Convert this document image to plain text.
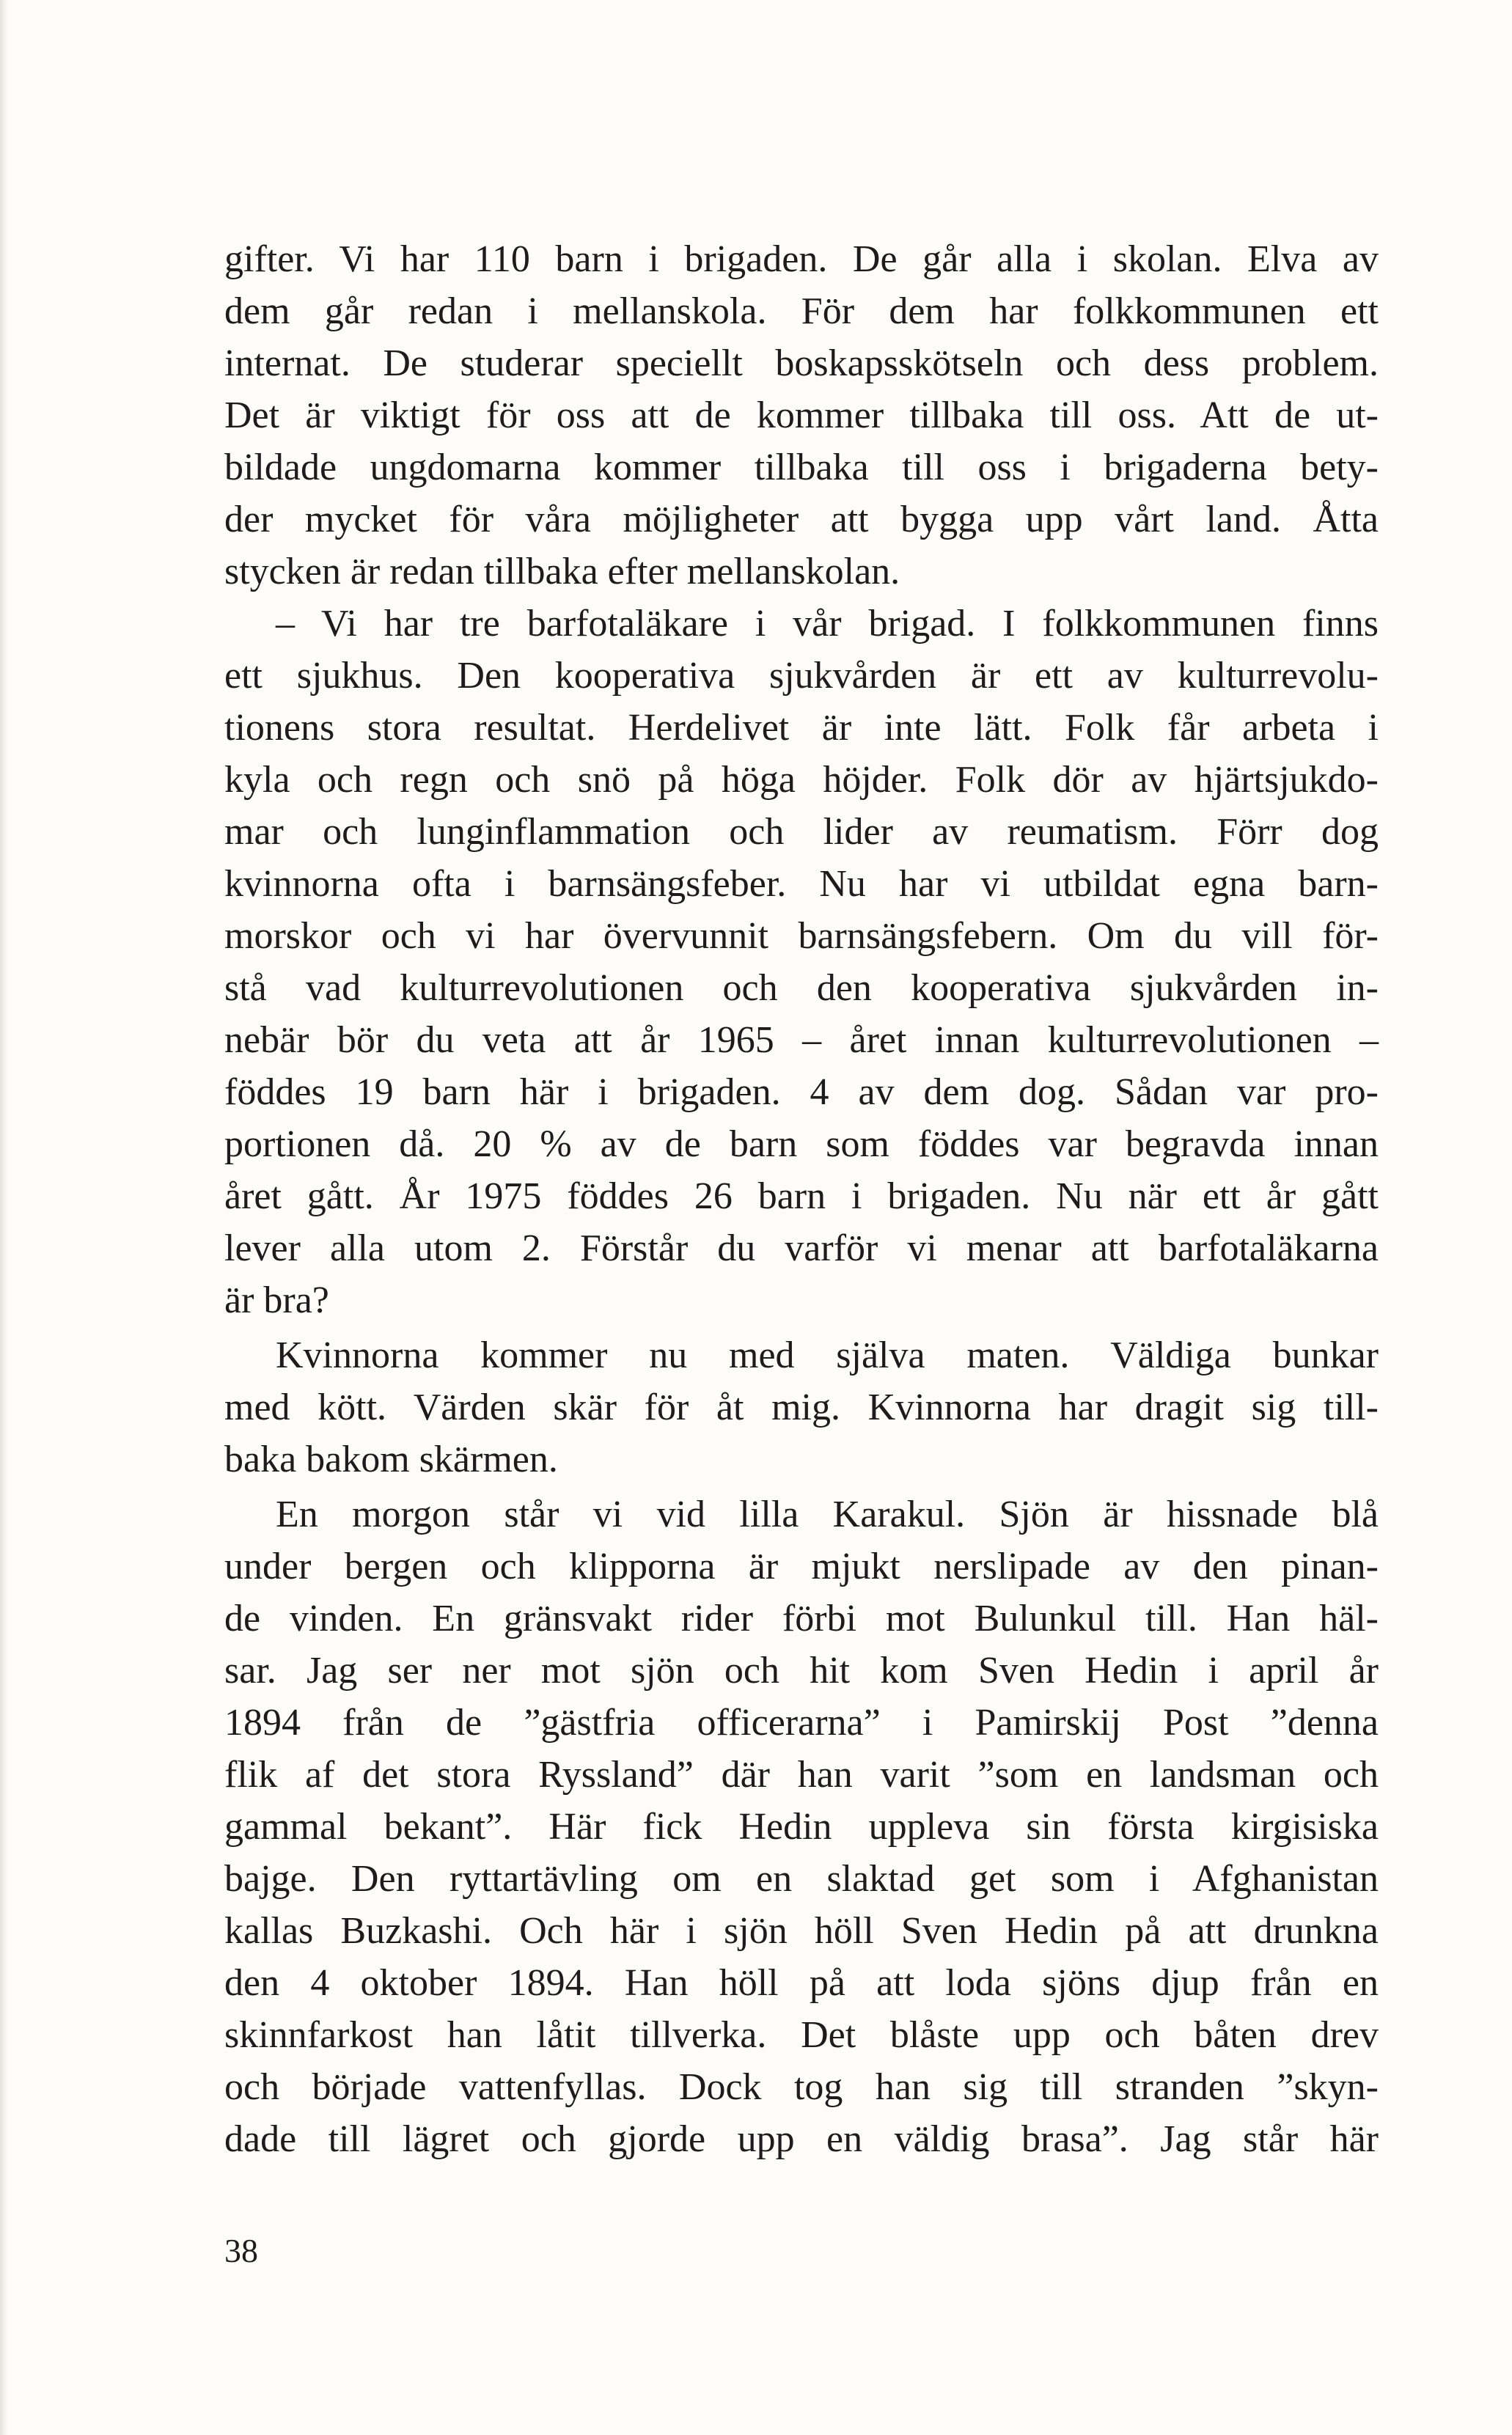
gifter. Vi har 110 barn i brigaden. De går alla i skolan. Elva av
dem går redan i mellanskola. För dem har folkkommunen ett
internat. De studerar speciellt boskapsskötseln och dess problem.
Det är viktigt för oss att de kommer tillbaka till oss. Att de ut-
bildade ungdomarna kommer tillbaka till oss i brigaderna bety-
der mycket för våra möjligheter att bygga upp vårt land. Åtta
stycken är redan tillbaka efter mellanskolan.
– Vi har tre barfotaläkare i vår brigad. I folkkommunen finns
ett sjukhus. Den kooperativa sjukvården är ett av kulturrevolu-
tionens stora resultat. Herdelivet är inte lätt. Folk får arbeta i
kyla och regn och snö på höga höjder. Folk dör av hjärtsjukdo-
mar och lunginflammation och lider av reumatism. Förr dog
kvinnorna ofta i barnsängsfeber. Nu har vi utbildat egna barn-
morskor och vi har övervunnit barnsängsfebern. Om du vill för-
stå vad kulturrevolutionen och den kooperativa sjukvården in-
nebär bör du veta att år 1965 – året innan kulturrevolutionen –
föddes 19 barn här i brigaden. 4 av dem dog. Sådan var pro-
portionen då. 20 % av de barn som föddes var begravda innan
året gått. År 1975 föddes 26 barn i brigaden. Nu när ett år gått
lever alla utom 2. Förstår du varför vi menar att barfotaläkarna
är bra?
Kvinnorna kommer nu med själva maten. Väldiga bunkar
med kött. Värden skär för åt mig. Kvinnorna har dragit sig till-
baka bakom skärmen.
En morgon står vi vid lilla Karakul. Sjön är hissnade blå
under bergen och klipporna är mjukt nerslipade av den pinan-
de vinden. En gränsvakt rider förbi mot Bulunkul till. Han häl-
sar. Jag ser ner mot sjön och hit kom Sven Hedin i april år
1894 från de ”gästfria officerarna” i Pamirskij Post ”denna
flik af det stora Ryssland” där han varit ”som en landsman och
gammal bekant”. Här fick Hedin uppleva sin första kirgisiska
bajge. Den ryttartävling om en slaktad get som i Afghanistan
kallas Buzkashi. Och här i sjön höll Sven Hedin på att drunkna
den 4 oktober 1894. Han höll på att loda sjöns djup från en
skinnfarkost han låtit tillverka. Det blåste upp och båten drev
och började vattenfyllas. Dock tog han sig till stranden ”skyn-
dade till lägret och gjorde upp en väldig brasa”. Jag står här
38
